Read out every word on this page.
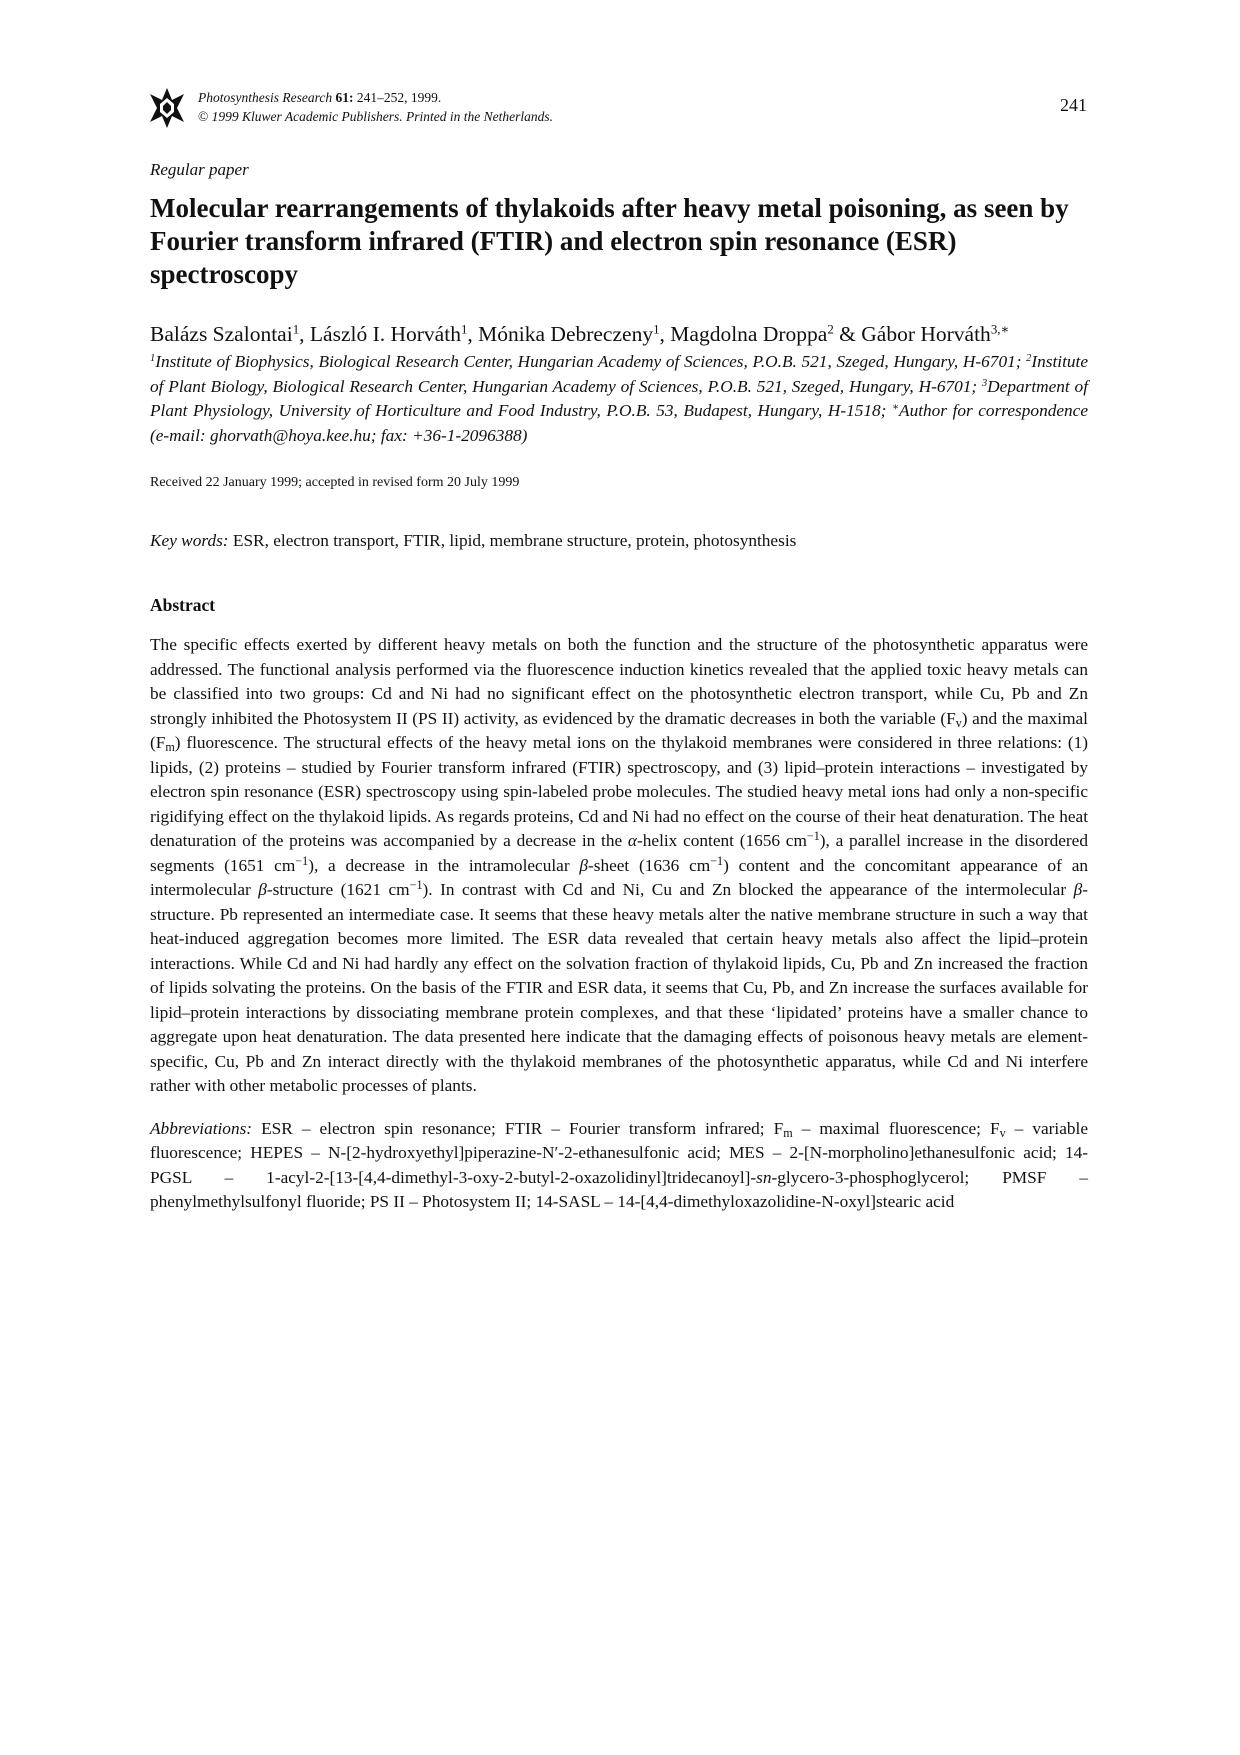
Photosynthesis Research 61: 241–252, 1999.
© 1999 Kluwer Academic Publishers. Printed in the Netherlands.
241
Regular paper
Molecular rearrangements of thylakoids after heavy metal poisoning, as seen by Fourier transform infrared (FTIR) and electron spin resonance (ESR) spectroscopy
Balázs Szalontai$^1$, László I. Horváth$^1$, Mónika Debreczeny$^1$, Magdolna Droppa$^2$ & Gábor Horváth$^{3,∗}$
$^1$Institute of Biophysics, Biological Research Center, Hungarian Academy of Sciences, P.O.B. 521, Szeged, Hungary, H-6701; $^2$Institute of Plant Biology, Biological Research Center, Hungarian Academy of Sciences, P.O.B. 521, Szeged, Hungary, H-6701; $^3$Department of Plant Physiology, University of Horticulture and Food Industry, P.O.B. 53, Budapest, Hungary, H-1518; ∗Author for correspondence (e-mail: ghorvath@hoya.kee.hu; fax: +36-1-2096388)
Received 22 January 1999; accepted in revised form 20 July 1999
Key words: ESR, electron transport, FTIR, lipid, membrane structure, protein, photosynthesis
Abstract

The specific effects exerted by different heavy metals on both the function and the structure of the photosynthetic apparatus were addressed. The functional analysis performed via the fluorescence induction kinetics revealed that the applied toxic heavy metals can be classified into two groups: Cd and Ni had no significant effect on the photosynthetic electron transport, while Cu, Pb and Zn strongly inhibited the Photosystem II (PS II) activity, as evidenced by the dramatic decreases in both the variable $(F_v)$ and the maximal $(F_m)$ fluorescence. The structural effects of the heavy metal ions on the thylakoid membranes were considered in three relations: (1) lipids, (2) proteins – studied by Fourier transform infrared (FTIR) spectroscopy, and (3) lipid–protein interactions – investigated by electron spin resonance (ESR) spectroscopy using spin-labeled probe molecules. The studied heavy metal ions had only a non-specific rigidifying effect on the thylakoid lipids. As regards proteins, Cd and Ni had no effect on the course of their heat denaturation. The heat denaturation of the proteins was accompanied by a decrease in the α-helix content (1656 $cm^{-1}$), a parallel increase in the disordered segments (1651 $cm^{-1}$), a decrease in the intramolecular β-sheet (1636 $cm^{-1}$) content and the concomitant appearance of an intermolecular β-structure (1621 $cm^{-1}$). In contrast with Cd and Ni, Cu and Zn blocked the appearance of the intermolecular β-structure. Pb represented an intermediate case. It seems that these heavy metals alter the native membrane structure in such a way that heat-induced aggregation becomes more limited. The ESR data revealed that certain heavy metals also affect the lipid–protein interactions. While Cd and Ni had hardly any effect on the solvation fraction of thylakoid lipids, Cu, Pb and Zn increased the fraction of lipids solvating the proteins. On the basis of the FTIR and ESR data, it seems that Cu, Pb, and Zn increase the surfaces available for lipid–protein interactions by dissociating membrane protein complexes, and that these ‘lipidated’ proteins have a smaller chance to aggregate upon heat denaturation. The data presented here indicate that the damaging effects of poisonous heavy metals are element-specific, Cu, Pb and Zn interact directly with the thylakoid membranes of the photosynthetic apparatus, while Cd and Ni interfere rather with other metabolic processes of plants.

Abbreviations: ESR – electron spin resonance; FTIR – Fourier transform infrared; $F_m$ – maximal fluorescence; $F_v$ – variable fluorescence; HEPES – N-[2-hydroxyethyl]piperazine-N′-2-ethanesulfonic acid; MES – 2-[N-morpholino]ethanesulfonic acid; 14-PGSL – 1-acyl-2-[13-[4,4-dimethyl-3-oxy-2-butyl-2-oxazolidinyl]tridecanoyl]-sn-glycero-3-phosphoglycerol; PMSF – phenylmethylsulfonyl fluoride; PS II – Photosystem II; 14-SASL – 14-[4,4-dimethyloxazolidine-N-oxyl]stearic acid
